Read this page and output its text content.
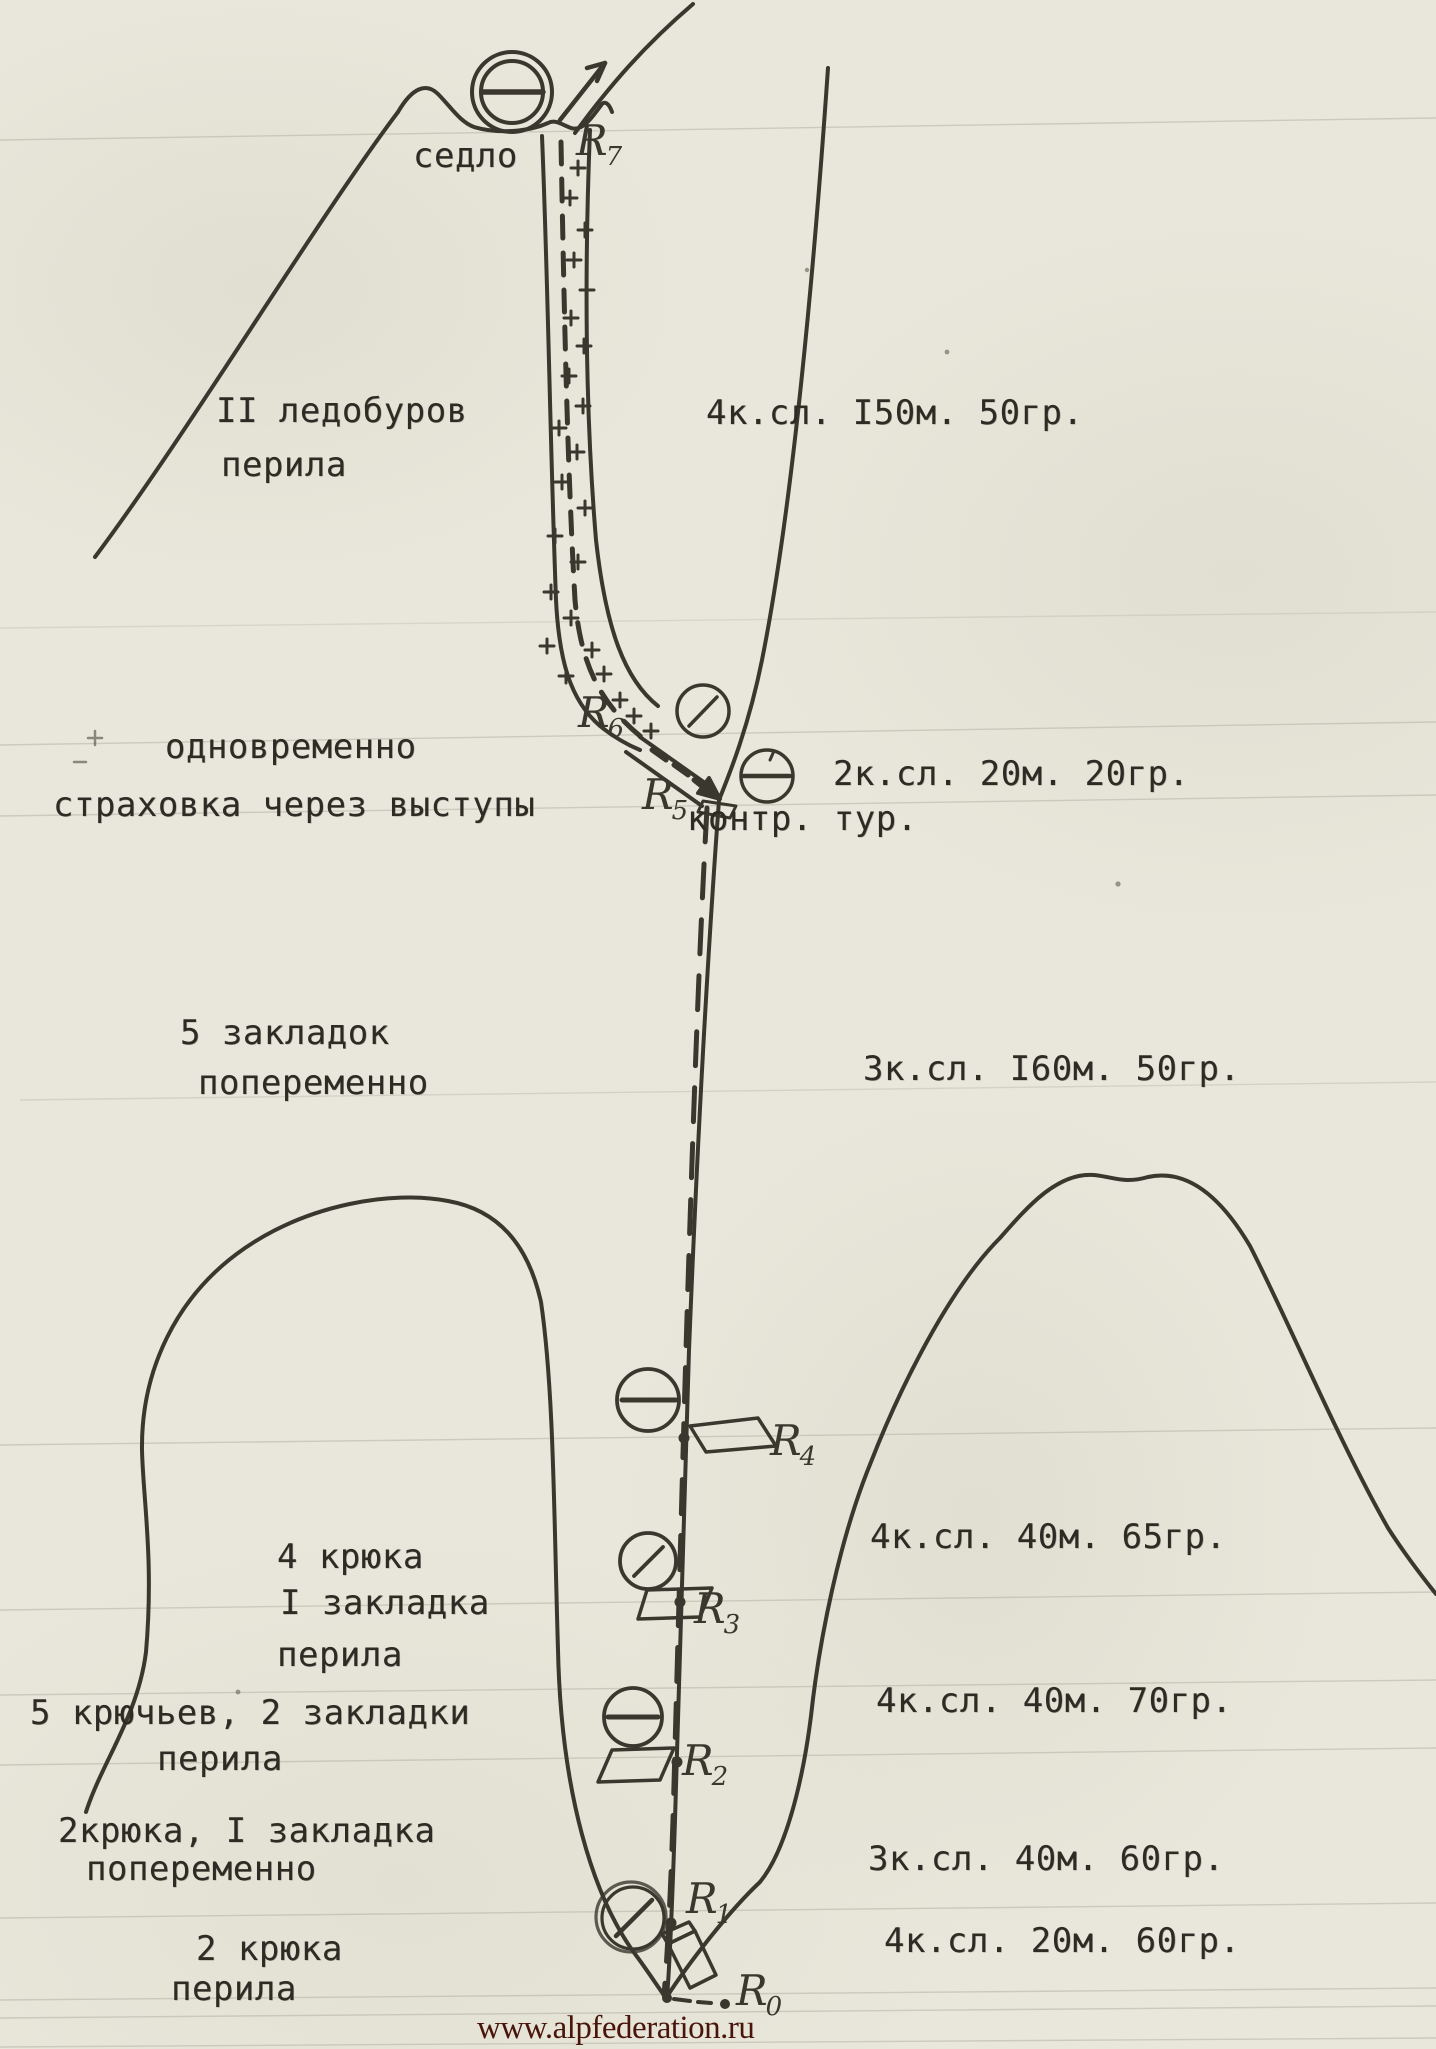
седло
II ледобуров
перила
4к.сл. I50м. 50гр.
одновременно
страховка через выступы
2к.сл. 20м. 20гр.
контр. тур.
5 закладок
попеременно	3к.сл. I60м. 50гр.
4 крюка
I закладка
перила
4к.сл. 40м. 65гр.
5 крючьев, 2 закладки
перила
4к.сл. 40м. 70гр.
2крюка, I закладка
попеременно	3к.сл. 40м. 60гр.
2 крюка
перила
4к.сл. 20м. 60гр.
R7
R6
R5
R4
R3
R2
R1
R0
www.alpfederation.ru
